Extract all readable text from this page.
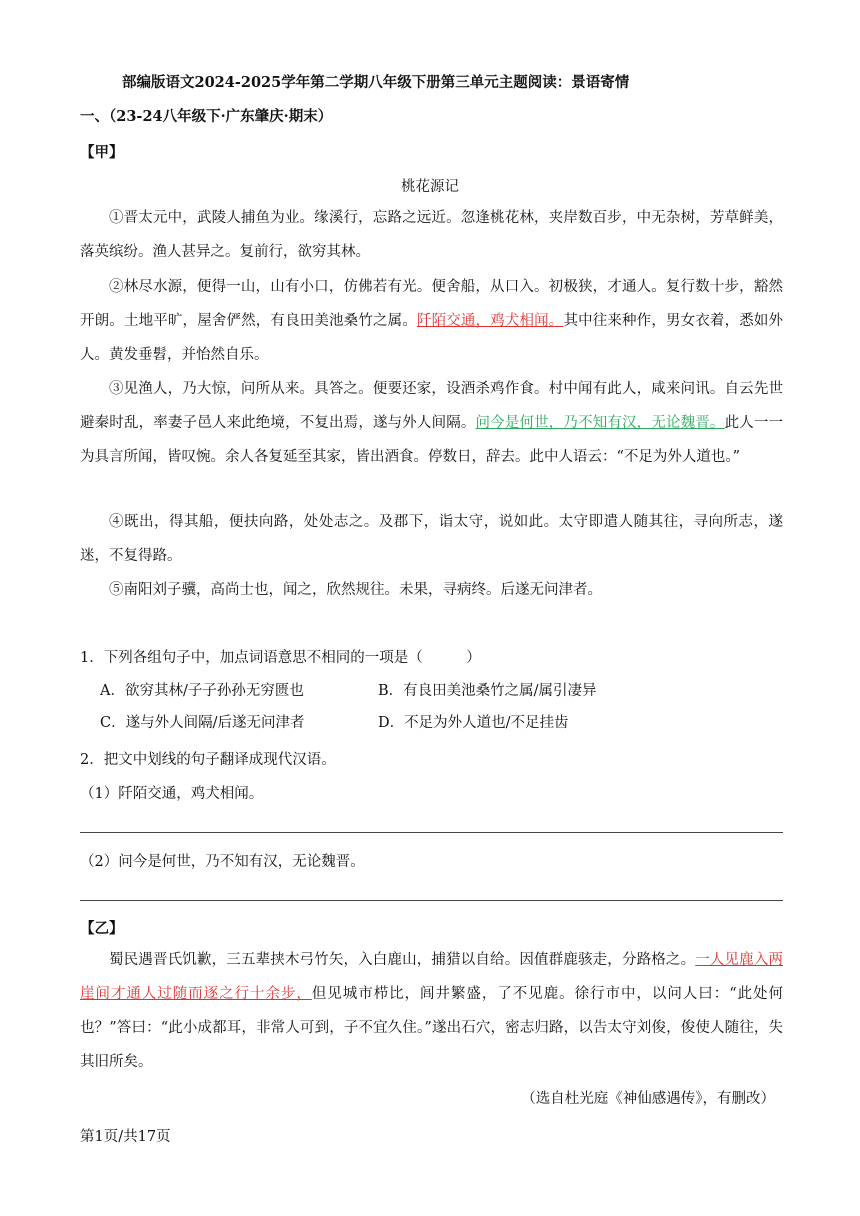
部编版语文2024-2025学年第二学期八年级下册第三单元主题阅读：景语寄情
一、（23-24八年级下·广东肇庆·期末）
【甲】
桃花源记
①晋太元中，武陵人捕鱼为业。缘溪行，忘路之远近。忽逢桃花林，夹岸数百步，中无杂树，芳草鲜美，落英缤纷。渔人甚异之。复前行，欲穷其林。
②林尽水源，便得一山，山有小口，仿佛若有光。便舍船，从口入。初极狭，才通人。复行数十步，豁然开朗。土地平旷，屋舍俨然，有良田美池桑竹之属。阡陌交通，鸡犬相闻。其中往来种作，男女衣着，悉如外人。黄发垂髫，并怡然自乐。
③见渔人，乃大惊，问所从来。具答之。便要还家，设酒杀鸡作食。村中闻有此人，咸来问讯。自云先世避秦时乱，率妻子邑人来此绝境，不复出焉，遂与外人间隔。问今是何世，乃不知有汉，无论魏晋。此人一一为具言所闻，皆叹惋。余人各复延至其家，皆出酒食。停数日，辞去。此中人语云：“不足为外人道也。”
④既出，得其船，便扶向路，处处志之。及郡下，诣太守，说如此。太守即遣人随其往，寻向所志，遂迷，不复得路。
⑤南阳刘子骥，高尚士也，闻之，欣然规往。未果，寻病终。后遂无问津者。
1．下列各组句子中，加点词语意思不相同的一项是（　　　）
A．欲穷其林/子子孙孙无穷匮也	B．有良田美池桑竹之属/属引凄异
C．遂与外人间隔/后遂无问津者	D．不足为外人道也/不足挂齿
2．把文中划线的句子翻译成现代汉语。
（1）阡陌交通，鸡犬相闻。
（2）问今是何世，乃不知有汉，无论魏晋。
【乙】
蜀民遇晋氏饥歉，三五辈挟木弓竹矢，入白鹿山，捕猎以自给。因值群鹿骇走，分路格之。一人见鹿入两崖间才通人过随而逐之行十余步，但见城市栉比，闾井繁盛，了不见鹿。徐行市中，以问人曰：“此处何也？”答曰：“此小成都耳，非常人可到，子不宜久住。”遂出石穴，密志归路，以告太守刘俊，俊使人随往，失其旧所矣。
（选自杜光庭《神仙感遇传》，有删改）
第1页/共17页
